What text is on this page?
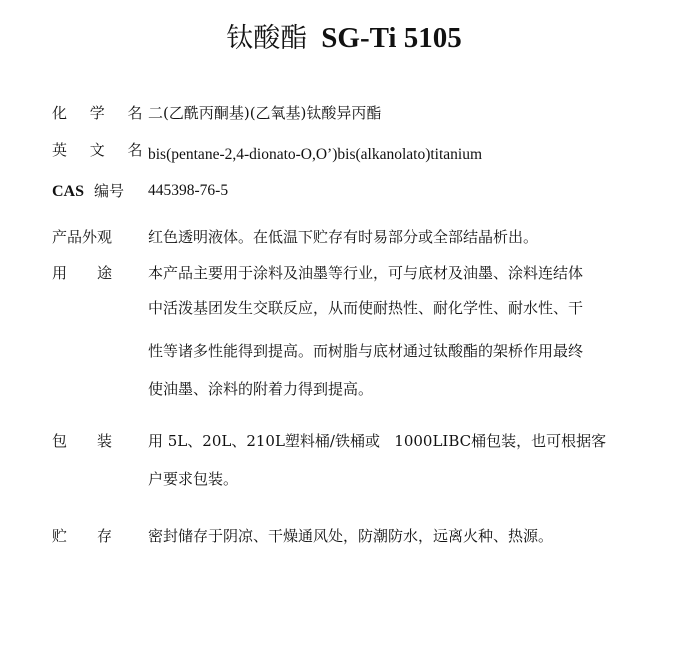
钛酸酯 SG-Ti 5105
化 学 名
二(乙酰丙酮基)(乙氧基)钛酸异丙酯
英 文 名
bis(pentane-2,4-dionato-O,O’)bis(alkanolato)titanium
CAS 编号 445398-76-5
产品外观 红色透明液体。在低温下贮存有时易部分或全部结晶析出。
用 途 本产品主要用于涂料及油墨等行业，可与底材及油墨、涂料连结体
中活泼基团发生交联反应，从而使耐热性、耐化学性、耐水性、干
性等诸多性能得到提高。而树脂与底材通过钛酸酯的架桥作用最终
使油墨、涂料的附着力得到提高。
包 装 用 5L、20L、210L塑料桶/铁桶或   1000LIBC桶包装，也可根据客
户要求包装。
贮 存 密封储存于阴凉、干燥通风处，防潮防水，远离火种、热源。
